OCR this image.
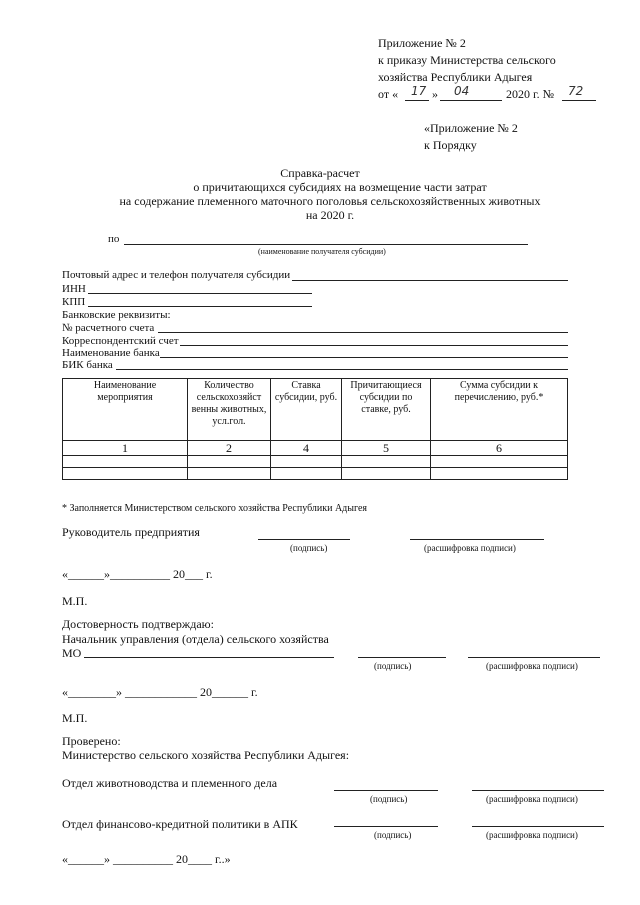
Приложение № 2
к приказу Министерства сельского
хозяйства Республики Адыгея
от « 17 » 04	2020 г. № 72
«Приложение № 2
к Порядку
Справка-расчет
о причитающихся субсидиях на возмещение части затрат
на содержание племенного маточного поголовья сельскохозяйственных животных
на 2020 г.
по
(наименование получателя субсидии)
Почтовый адрес и телефон получателя субсидии
ИНН
КПП
Банковские реквизиты:
№ расчетного счета
Корреспондентский счет
Наименование банка
БИК банка
Наименование мероприятия	Количество сельскохозяйст венны животных, усл.гол.	Ставка субсидии, руб.	Причитающиеся субсидии по ставке, руб.	Сумма субсидии к перечислению, руб.*
1	2	4	5	6

* Заполняется Министерством сельского хозяйства Республики Адыгея
Руководитель предприятия
(подпись)	(расшифровка подписи)
«______»__________ 20___ г.
М.П.
Достоверность подтверждаю:
Начальник управления (отдела) сельского хозяйства
МО
(подпись)	(расшифровка подписи)
«________» ____________ 20______ г.
М.П.
Проверено:
Министерство сельского хозяйства Республики Адыгея:
Отдел животноводства и племенного дела
(подпись)	(расшифровка подписи)
Отдел финансово-кредитной политики в АПК
(подпись)	(расшифровка подписи)
«______» __________ 20____ г..»
